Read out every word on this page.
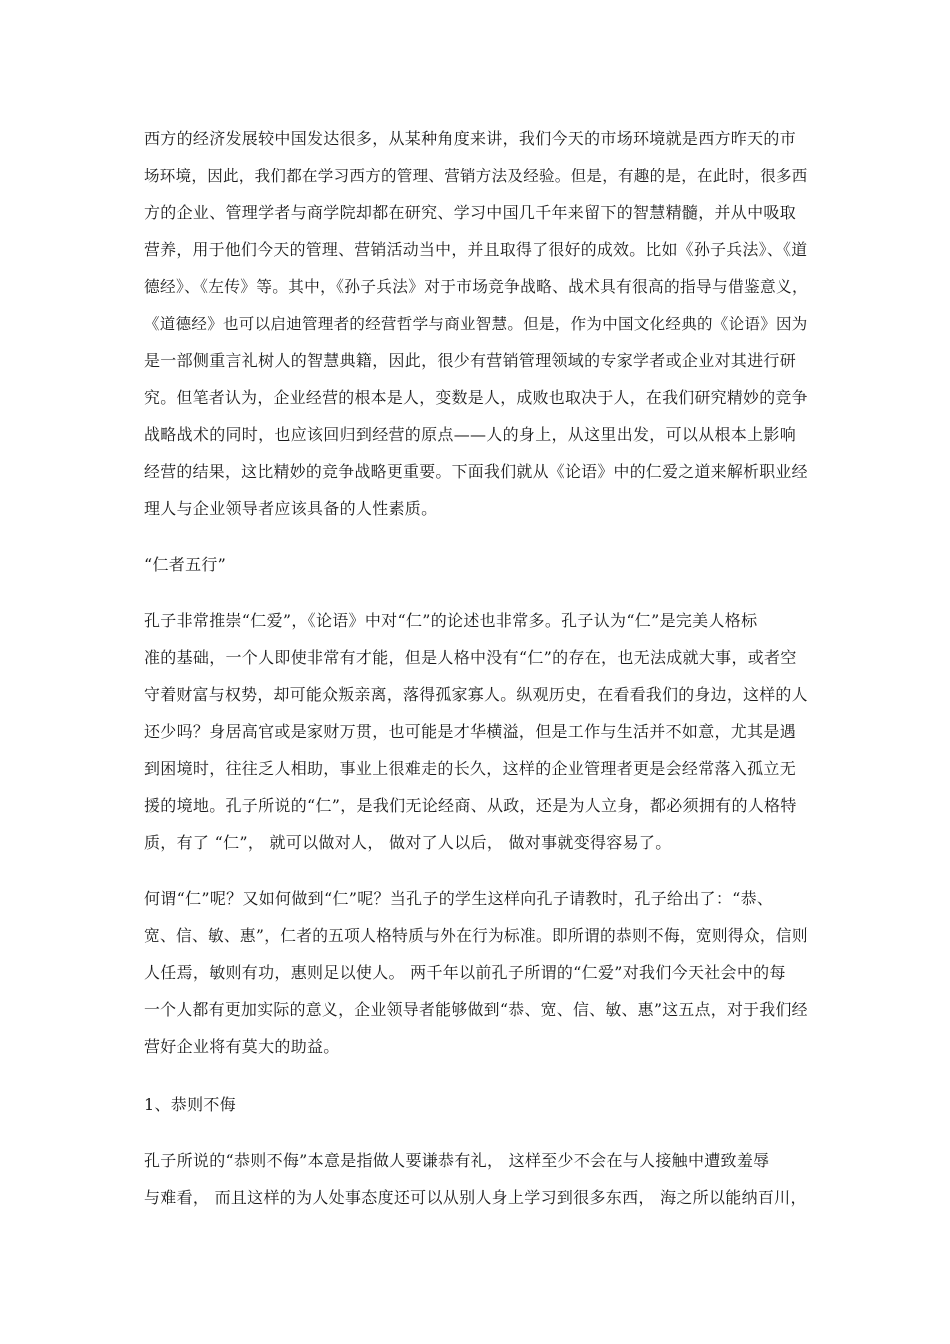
西方的经济发展较中国发达很多，从某种角度来讲，我们今天的市场环境就是西方昨天的市
场环境，因此，我们都在学习西方的管理、营销方法及经验。但是，有趣的是，在此时，很多西
方的企业、管理学者与商学院却都在研究、学习中国几千年来留下的智慧精髓，并从中吸取
营养，用于他们今天的管理、营销活动当中，并且取得了很好的成效。比如《孙子兵法》、《道
德经》、《左传》等。其中，《孙子兵法》对于市场竞争战略、战术具有很高的指导与借鉴意义，
《道德经》也可以启迪管理者的经营哲学与商业智慧。但是，作为中国文化经典的《论语》因为
是一部侧重言礼树人的智慧典籍，因此，很少有营销管理领域的专家学者或企业对其进行研
究。但笔者认为，企业经营的根本是人，变数是人，成败也取决于人，在我们研究精妙的竞争
战略战术的同时，也应该回归到经营的原点——人的身上，从这里出发，可以从根本上影响
经营的结果，这比精妙的竞争战略更重要。下面我们就从《论语》中的仁爱之道来解析职业经
理人与企业领导者应该具备的人性素质。
“仁者五行”
孔子非常推崇“仁爱”，《论语》中对“仁”的论述也非常多。孔子认为“仁”是完美人格标
准的基础，一个人即使非常有才能，但是人格中没有“仁”的存在，也无法成就大事，或者空
守着财富与权势，却可能众叛亲离，落得孤家寡人。纵观历史，在看看我们的身边，这样的人
还少吗？身居高官或是家财万贯，也可能是才华横溢，但是工作与生活并不如意，尤其是遇
到困境时，往往乏人相助，事业上很难走的长久，这样的企业管理者更是会经常落入孤立无
援的境地。孔子所说的“仁”，是我们无论经商、从政，还是为人立身，都必须拥有的人格特
质，有了 “仁”， 就可以做对人， 做对了人以后， 做对事就变得容易了。
何谓“仁”呢？又如何做到“仁”呢？当孔子的学生这样向孔子请教时，孔子给出了：“恭、
宽、信、敏、惠”，仁者的五项人格特质与外在行为标准。即所谓的恭则不侮，宽则得众，信则
人任焉，敏则有功，惠则足以使人。 两千年以前孔子所谓的“仁爱”对我们今天社会中的每
一个人都有更加实际的意义，企业领导者能够做到“恭、宽、信、敏、惠”这五点，对于我们经
营好企业将有莫大的助益。
1、恭则不侮
孔子所说的“恭则不侮”本意是指做人要谦恭有礼， 这样至少不会在与人接触中遭致羞辱
与难看， 而且这样的为人处事态度还可以从别人身上学习到很多东西， 海之所以能纳百川，
